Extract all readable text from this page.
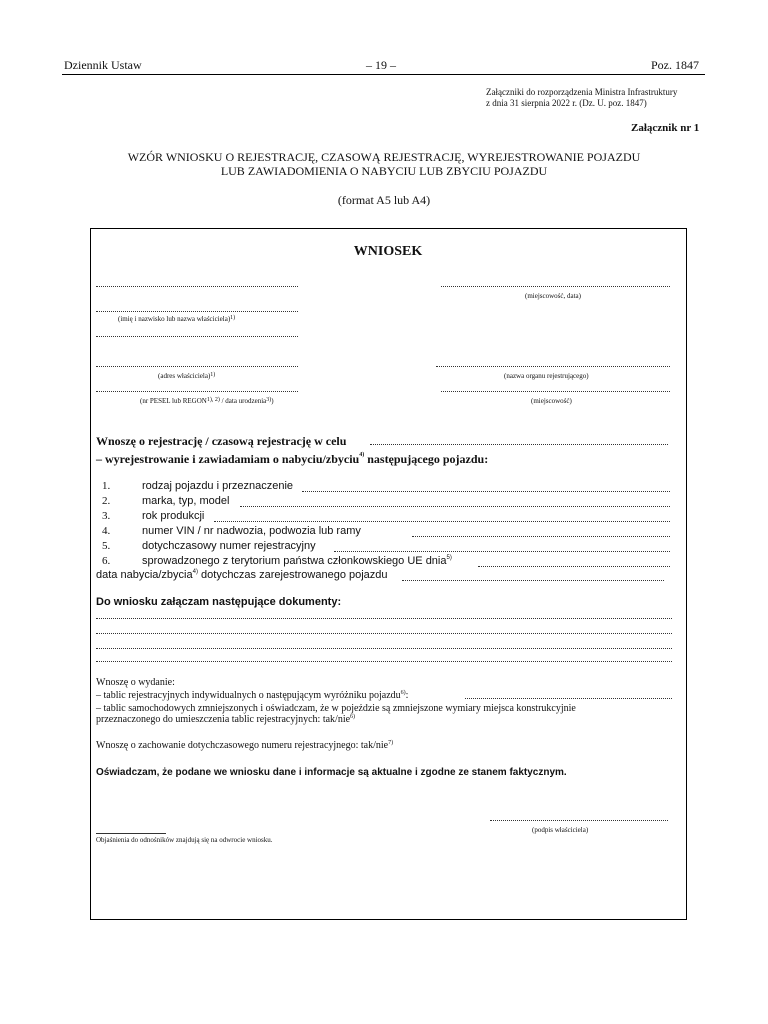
Dziennik Ustaw	– 19 –	Poz. 1847
Załączniki do rozporządzenia Ministra Infrastruktury
z dnia 31 sierpnia 2022 r. (Dz. U. poz. 1847)
Załącznik nr 1
WZÓR WNIOSKU O REJESTRACJĘ, CZASOWĄ REJESTRACJĘ, WYREJESTROWANIE POJAZDU
LUB ZAWIADOMIENIA O NABYCIU LUB ZBYCIU POJAZDU
(format A5 lub A4)
WNIOSEK
(imię i nazwisko lub nazwa właściciela)$^{1)}$
(adres właściciela)$^{1)}$
(nr PESEL lub $REGON^{1), 2)}$ / data urodzenia$^{3)}$)
(miejscowość, data)
(nazwa organu rejestrującego)
(miejscowość)
Wnoszę o rejestrację / czasową rejestrację w celu
– wyrejestrowanie i zawiadamiam o nabyciu/zbyciu$^{4)}$ następującego pojazdu:
1.	rodzaj pojazdu i przeznaczenie
2.	marka, typ, model
3.	rok produkcji
4.	numer VIN / nr nadwozia, podwozia lub ramy
5.	dotychczasowy numer rejestracyjny
6.	sprowadzonego z terytorium państwa członkowskiego UE dnia$^{5)}$
data nabycia/zbycia$^{4)}$ dotychczas zarejestrowanego pojazdu
Do wniosku załączam następujące dokumenty:
Wnoszę o wydanie:
– tablic rejestracyjnych indywidualnych o następującym wyróżniku pojazdu$^{6)}$:
– tablic samochodowych zmniejszonych i oświadczam, że w pojeździe są zmniejszone wymiary miejsca konstrukcyjnie
przeznaczonego do umieszczenia tablic rejestracyjnych: tak/nie$^{6)}$
Wnoszę o zachowanie dotychczasowego numeru rejestracyjnego: tak/nie$^{7)}$
Oświadczam, że podane we wniosku dane i informacje są aktualne i zgodne ze stanem faktycznym.
(podpis właściciela)
Objaśnienia do odnośników znajdują się na odwrocie wniosku.
